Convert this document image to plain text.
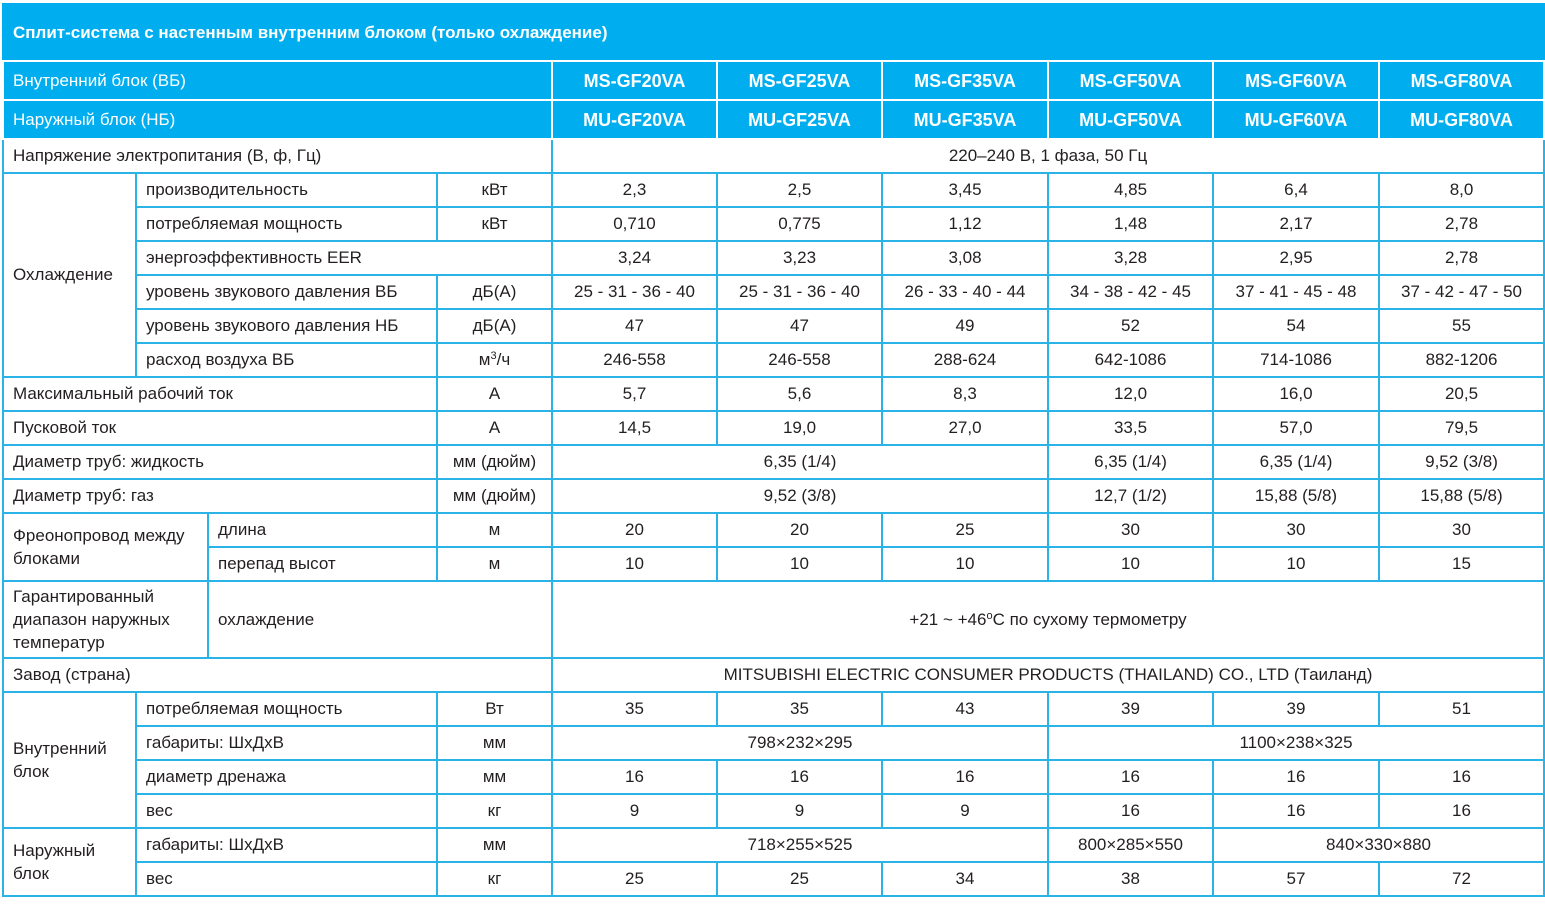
Сплит-система с настенным внутренним блоком (только охлаждение)									
Внутренний блок (ВБ)				MS-GF20VA	MS-GF25VA	MS-GF35VA	MS-GF50VA	MS-GF60VA	MS-GF80VA
Наружный блок (НБ)				MU-GF20VA	MU-GF25VA	MU-GF35VA	MU-GF50VA	MU-GF60VA	MU-GF80VA
Напряжение электропитания (В, ф, Гц)				220–240 В, 1 фаза, 50 Гц					
Охлаждение	производительность		кВт	2,3	2,5	3,45	4,85	6,4	8,0
	потребляемая мощность		кВт	0,710	0,775	1,12	1,48	2,17	2,78
	энергоэффективность EER			3,24	3,23	3,08	3,28	2,95	2,78
	уровень звукового давления ВБ		дБ(А)	25 - 31 - 36 - 40	25 - 31 - 36 - 40	26 - 33 - 40 - 44	34 - 38 - 42 - 45	37 - 41 - 45 - 48	37 - 42 - 47 - 50
	уровень звукового давления НБ		дБ(А)	47	47	49	52	54	55
	расход воздуха ВБ		$м^3/ч$	246-558	246-558	288-624	642-1086	714-1086	882-1206
Максимальный рабочий ток			А	5,7	5,6	8,3	12,0	16,0	20,5
Пусковой ток			А	14,5	19,0	27,0	33,5	57,0	79,5
Диаметр труб: жидкость			мм (дюйм)	6,35 (1/4)			6,35 (1/4)	6,35 (1/4)	9,52 (3/8)
Диаметр труб: газ			мм (дюйм)	9,52 (3/8)			12,7 (1/2)	15,88 (5/8)	15,88 (5/8)
Фреонопровод между блоками		длина	м	20	20	25	30	30	30
		перепад высот	м	10	10	10	10	10	15
Гарантированный диапазон наружных температур		охлаждение		+21 ~ $+46^оС$ по сухому термометру					
Завод (страна)				MITSUBISHI ELECTRIC CONSUMER PRODUCTS (THAILAND) CO., LTD (Таиланд)					
Внутренний блок	потребляемая мощность		Вт	35	35	43	39	39	51
	габариты: ШхДхВ		мм	798×232×295			1100×238×325		
	диаметр дренажа		мм	16	16	16	16	16	16
	вес		кг	9	9	9	16	16	16
Наружный блок	габариты: ШхДхВ		мм	718×255×525			800×285×550	840×330×880	
	вес		кг	25	25	34	38	57	72
